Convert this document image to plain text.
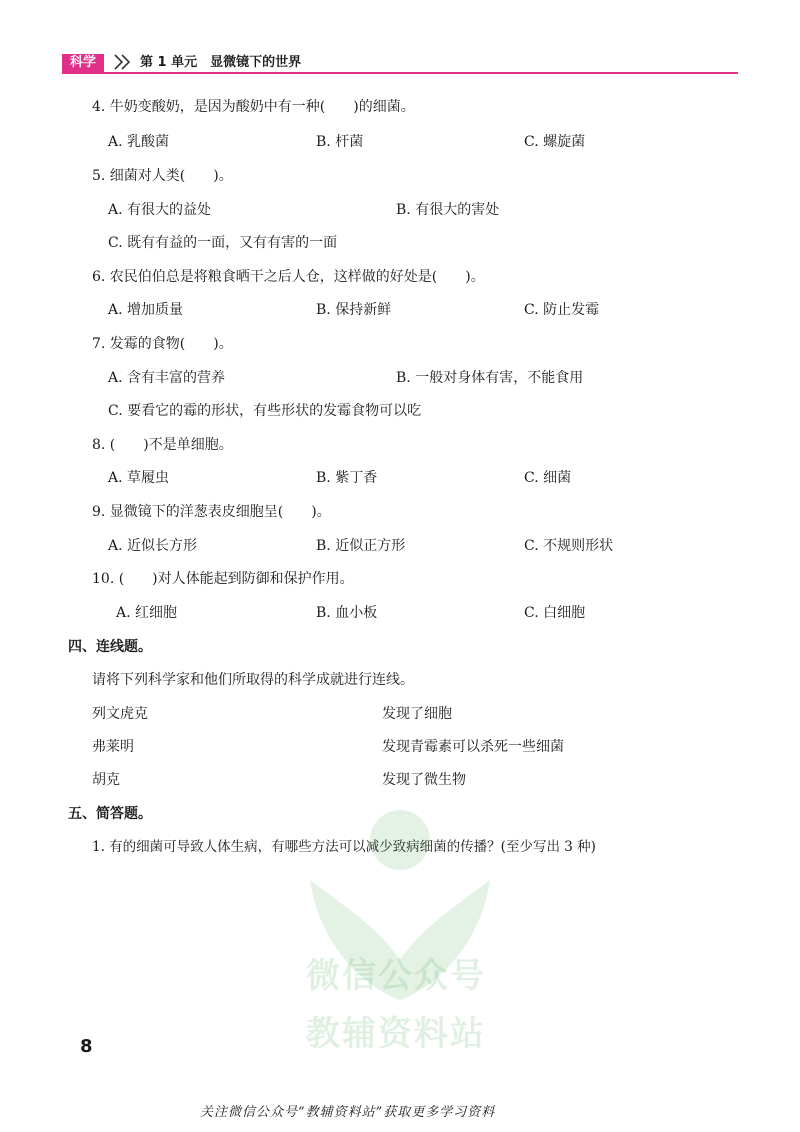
科学	第 1 单元　显微镜下的世界
4. 牛奶变酸奶，是因为酸奶中有一种(　　)的细菌。
A. 乳酸菌	B. 杆菌	C. 螺旋菌
5. 细菌对人类(　　)。
A. 有很大的益处	B. 有很大的害处
C. 既有有益的一面，又有有害的一面
6. 农民伯伯总是将粮食晒干之后人仓，这样做的好处是(　　)。
A. 增加质量	B. 保持新鲜	C. 防止发霉
7. 发霉的食物(　　)。
A. 含有丰富的营养	B. 一般对身体有害，不能食用
C. 要看它的霉的形状，有些形状的发霉食物可以吃
8. (　　)不是单细胞。
A. 草履虫	B. 紫丁香	C. 细菌
9. 显微镜下的洋葱表皮细胞呈(　　)。
A. 近似长方形	B. 近似正方形	C. 不规则形状
10. (　　)对人体能起到防御和保护作用。
A. 红细胞	B. 血小板	C. 白细胞
四、连线题。
请将下列科学家和他们所取得的科学成就进行连线。
列文虎克	发现了细胞
弗莱明	发现青霉素可以杀死一些细菌
胡克	发现了微生物
五、简答题。
1. 有的细菌可导致人体生病，有哪些方法可以减少致病细菌的传播？(至少写出 3 种)
微信公众号
教辅资料站
8
关注微信公众号“教辅资料站”获取更多学习资料
